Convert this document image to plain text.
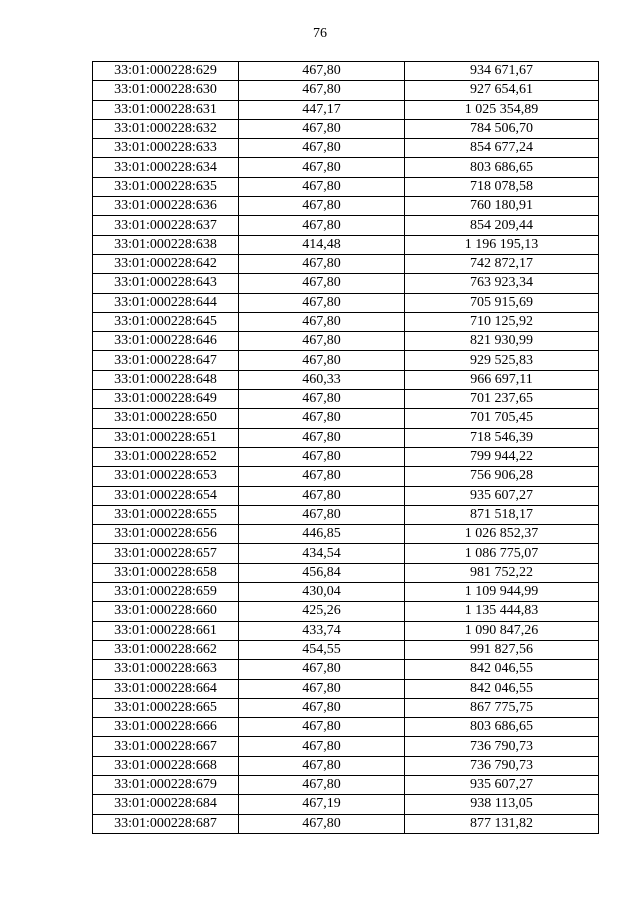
76
33:01:000228:629	467,80	934 671,67
33:01:000228:630	467,80	927 654,61
33:01:000228:631	447,17	1 025 354,89
33:01:000228:632	467,80	784 506,70
33:01:000228:633	467,80	854 677,24
33:01:000228:634	467,80	803 686,65
33:01:000228:635	467,80	718 078,58
33:01:000228:636	467,80	760 180,91
33:01:000228:637	467,80	854 209,44
33:01:000228:638	414,48	1 196 195,13
33:01:000228:642	467,80	742 872,17
33:01:000228:643	467,80	763 923,34
33:01:000228:644	467,80	705 915,69
33:01:000228:645	467,80	710 125,92
33:01:000228:646	467,80	821 930,99
33:01:000228:647	467,80	929 525,83
33:01:000228:648	460,33	966 697,11
33:01:000228:649	467,80	701 237,65
33:01:000228:650	467,80	701 705,45
33:01:000228:651	467,80	718 546,39
33:01:000228:652	467,80	799 944,22
33:01:000228:653	467,80	756 906,28
33:01:000228:654	467,80	935 607,27
33:01:000228:655	467,80	871 518,17
33:01:000228:656	446,85	1 026 852,37
33:01:000228:657	434,54	1 086 775,07
33:01:000228:658	456,84	981 752,22
33:01:000228:659	430,04	1 109 944,99
33:01:000228:660	425,26	1 135 444,83
33:01:000228:661	433,74	1 090 847,26
33:01:000228:662	454,55	991 827,56
33:01:000228:663	467,80	842 046,55
33:01:000228:664	467,80	842 046,55
33:01:000228:665	467,80	867 775,75
33:01:000228:666	467,80	803 686,65
33:01:000228:667	467,80	736 790,73
33:01:000228:668	467,80	736 790,73
33:01:000228:679	467,80	935 607,27
33:01:000228:684	467,19	938 113,05
33:01:000228:687	467,80	877 131,82
